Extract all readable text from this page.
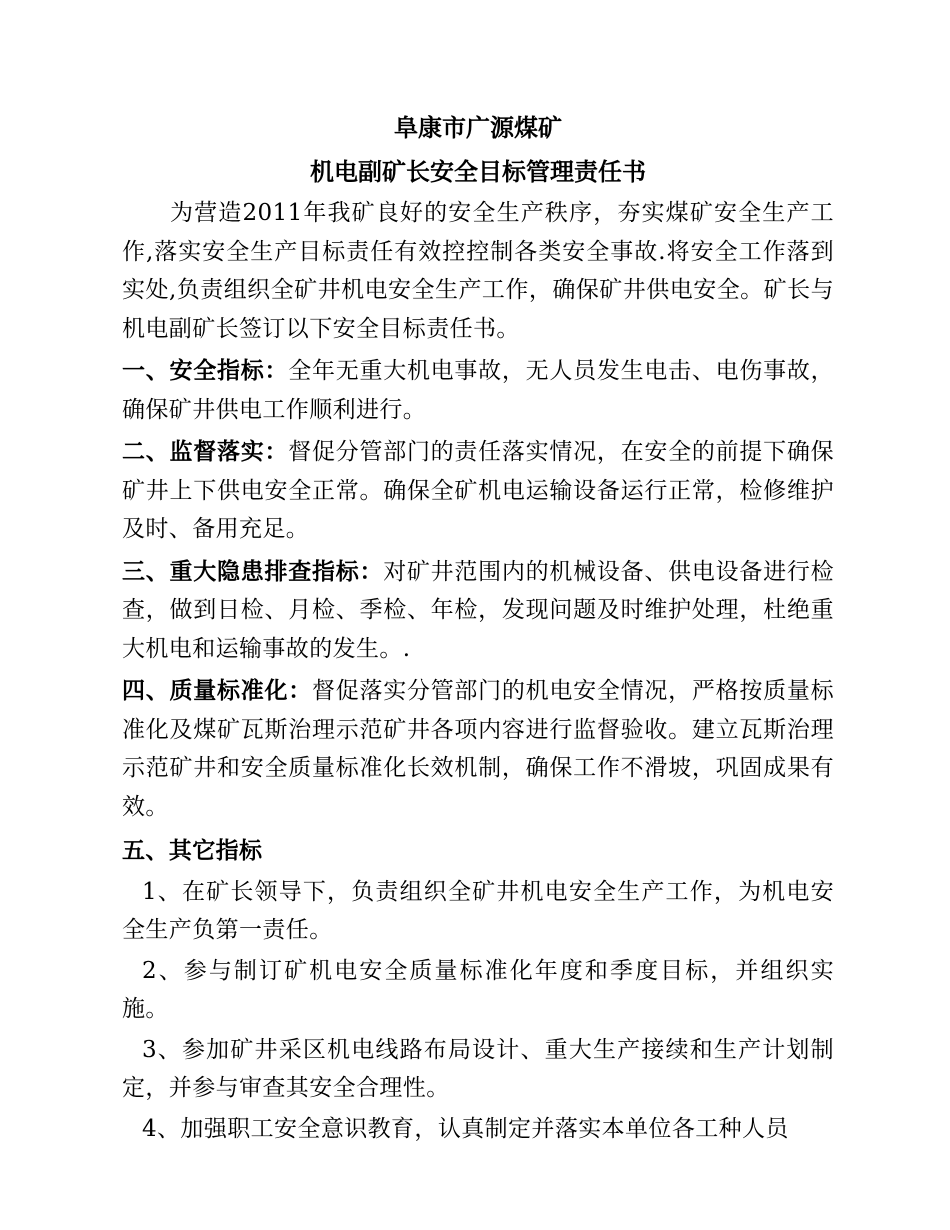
阜康市广源煤矿

机电副矿长安全目标管理责任书

为营造2011年我矿良好的安全生产秩序，夯实煤矿安全生产工作,落实安全生产目标责任有效控控制各类安全事故.将安全工作落到实处,负责组织全矿井机电安全生产工作，确保矿井供电安全。矿长与机电副矿长签订以下安全目标责任书。

一、安全指标：全年无重大机电事故，无人员发生电击、电伤事故，确保矿井供电工作顺利进行。

二、监督落实：督促分管部门的责任落实情况，在安全的前提下确保矿井上下供电安全正常。确保全矿机电运输设备运行正常，检修维护及时、备用充足。

三、重大隐患排查指标：对矿井范围内的机械设备、供电设备进行检查，做到日检、月检、季检、年检，发现问题及时维护处理，杜绝重大机电和运输事故的发生。.

四、质量标准化：督促落实分管部门的机电安全情况，严格按质量标准化及煤矿瓦斯治理示范矿井各项内容进行监督验收。建立瓦斯治理示范矿井和安全质量标准化长效机制，确保工作不滑坡，巩固成果有效。

五、其它指标

1、在矿长领导下，负责组织全矿井机电安全生产工作，为机电安全生产负第一责任。

2、参与制订矿机电安全质量标准化年度和季度目标，并组织实施。

3、参加矿井采区机电线路布局设计、重大生产接续和生产计划制定，并参与审查其安全合理性。

4、加强职工安全意识教育，认真制定并落实本单位各工种人员
